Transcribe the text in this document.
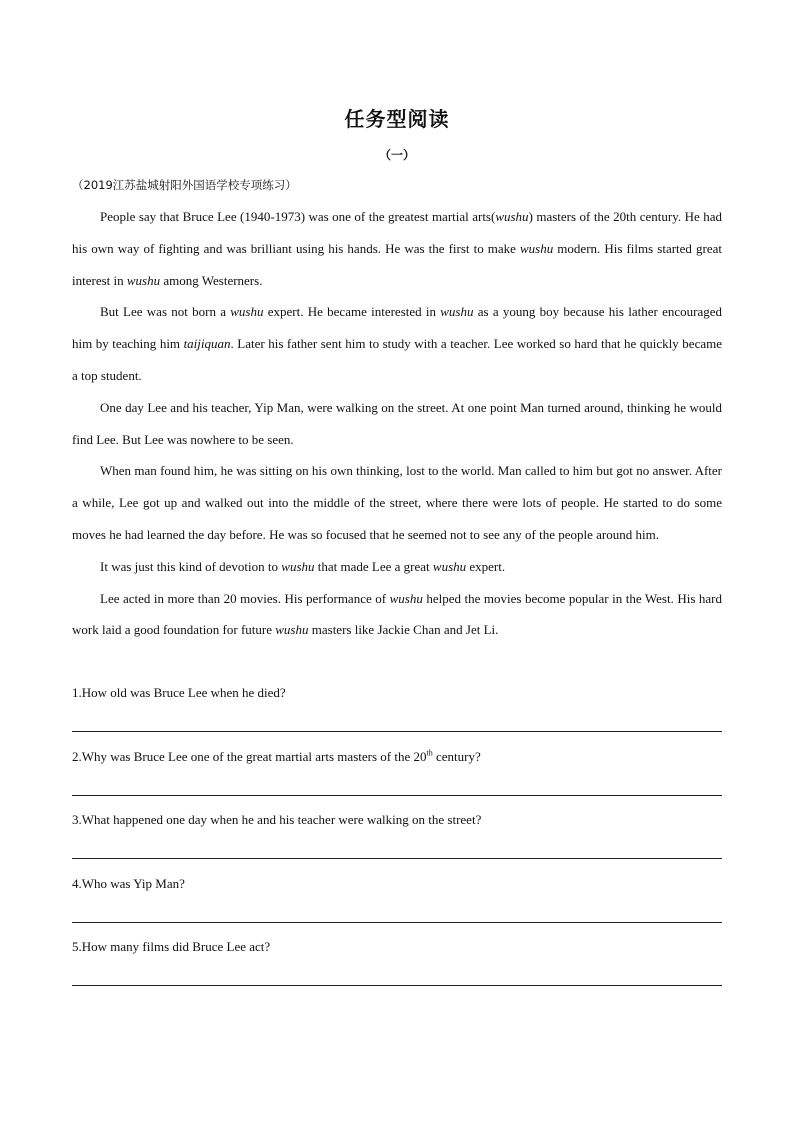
任务型阅读
（一）
（2019江苏盐城射阳外国语学校专项练习）

People say that Bruce Lee (1940-1973) was one of the greatest martial arts(wushu) masters of the 20th century. He had his own way of fighting and was brilliant using his hands. He was the first to make wushu modern. His films started great interest in wushu among Westerners.

But Lee was not born a wushu expert. He became interested in wushu as a young boy because his lather encouraged him by teaching him taijiquan. Later his father sent him to study with a teacher. Lee worked so hard that he quickly became a top student.

One day Lee and his teacher, Yip Man, were walking on the street. At one point Man turned around, thinking he would find Lee. But Lee was nowhere to be seen.

When man found him, he was sitting on his own thinking, lost to the world. Man called to him but got no answer. After a while, Lee got up and walked out into the middle of the street, where there were lots of people. He started to do some moves he had learned the day before. He was so focused that he seemed not to see any of the people around him.

It was just this kind of devotion to wushu that made Lee a great wushu expert.

Lee acted in more than 20 movies. His performance of wushu helped the movies become popular in the West. His hard work laid a good foundation for future wushu masters like Jackie Chan and Jet Li.

1.How old was Bruce Lee when he died?
2.Why was Bruce Lee one of the great martial arts masters of the 20th century?
3.What happened one day when he and his teacher were walking on the street?
4.Who was Yip Man?
5.How many films did Bruce Lee act?
